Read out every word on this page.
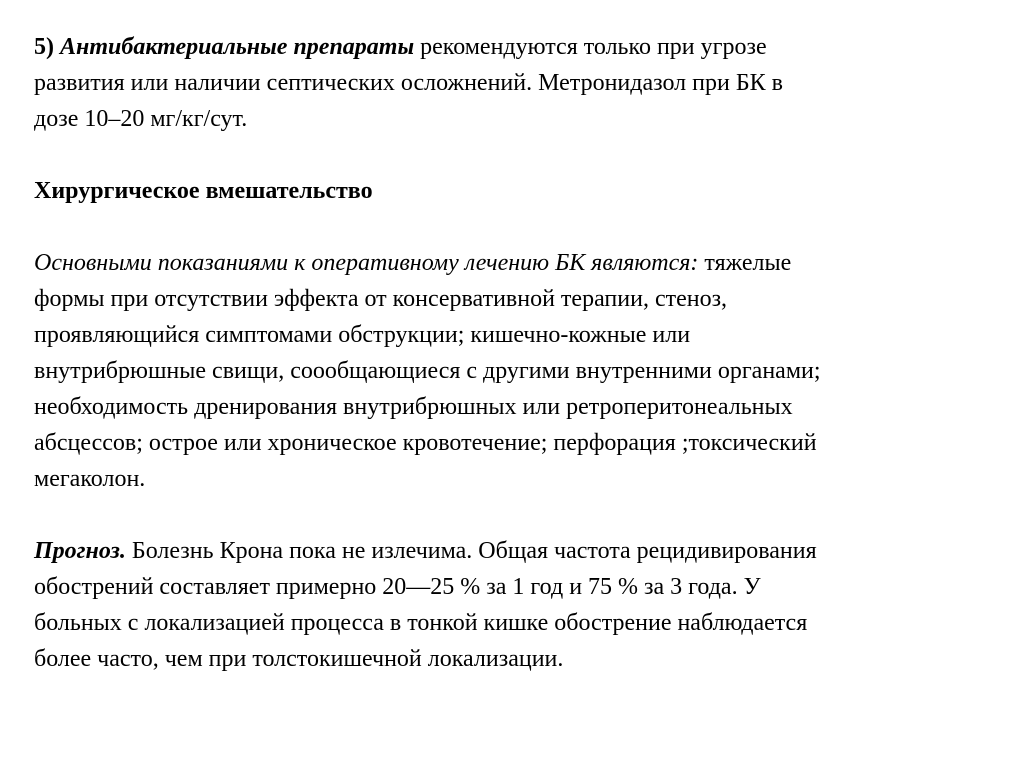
5) Антибактериальные препараты рекомендуются только при угрозе
развития или наличии септических осложнений. Метронидазол при БК в
дозе 10–20 мг/кг/сут.
Хирургическое вмешательство
Основными показаниями к оперативному лечению БК являются: тяжелые
формы при отсутствии эффекта от консервативной терапии, стеноз,
проявляющийся симптомами обструкции; кишечно-кожные или
внутрибрюшные свищи, соообщающиеся с другими внутренними органами;
необходимость дренирования внутрибрюшных или ретроперитонеальных
абсцессов; острое или хроническое кровотечение; перфорация ;токсический
мегаколон.
Прогноз. Болезнь Крона пока не излечима. Общая частота рецидивирования
обострений составляет примерно 20—25 % за 1 год и 75 % за 3 года. У
больных с локализацией процесса в тонкой кишке обострение наблюдается
более часто, чем при толстокишечной локализации.
